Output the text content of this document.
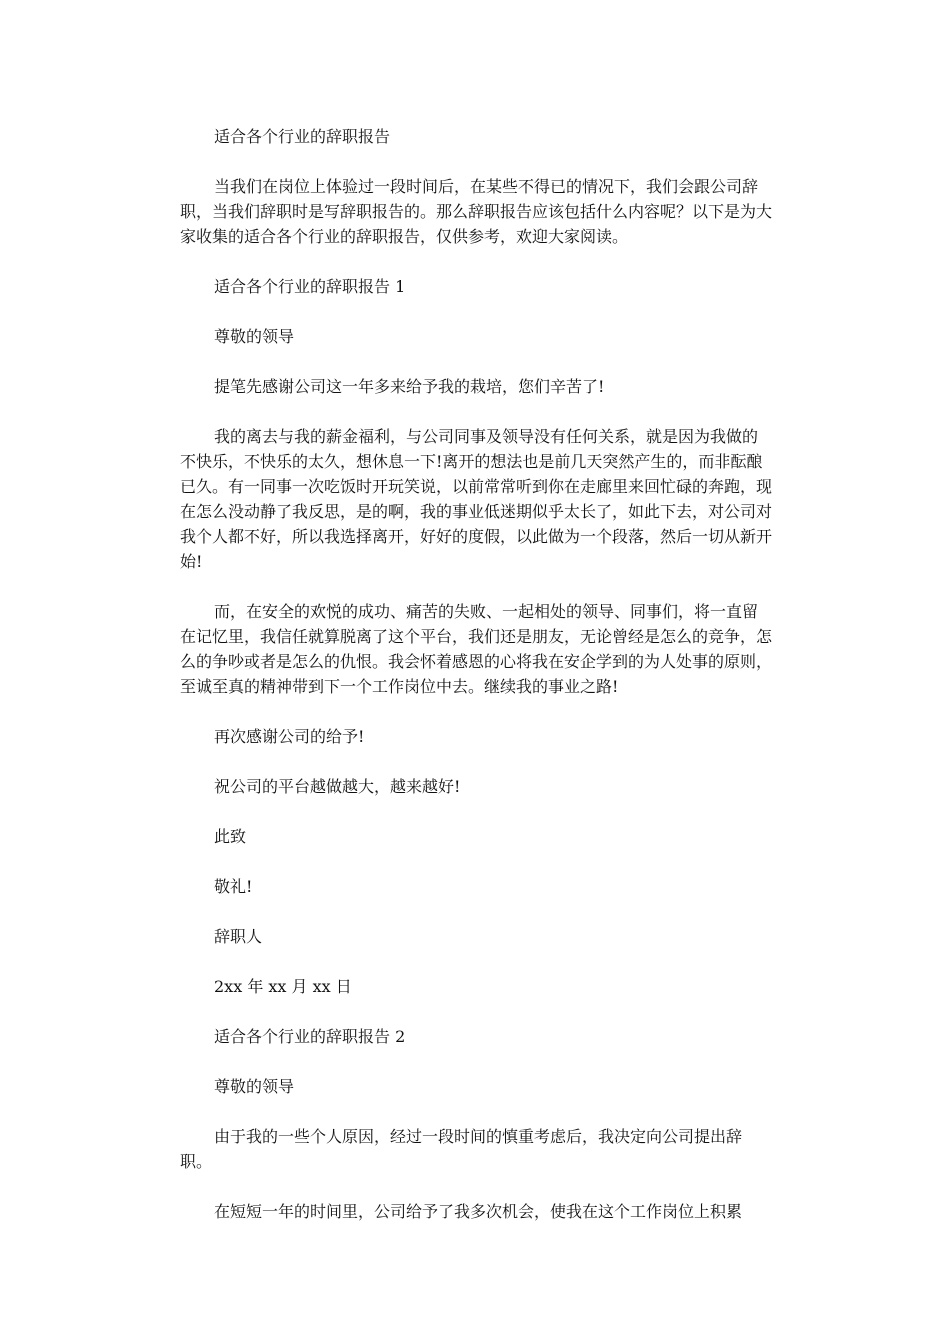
适合各个行业的辞职报告

当我们在岗位上体验过一段时间后，在某些不得已的情况下，我们会跟公司辞职，当我们辞职时是写辞职报告的。那么辞职报告应该包括什么内容呢？以下是为大家收集的适合各个行业的辞职报告，仅供参考，欢迎大家阅读。

适合各个行业的辞职报告 1

尊敬的领导

提笔先感谢公司这一年多来给予我的栽培，您们辛苦了!

我的离去与我的薪金福利，与公司同事及领导没有任何关系，就是因为我做的不快乐，不快乐的太久，想休息一下!离开的想法也是前几天突然产生的，而非酝酿已久。有一同事一次吃饭时开玩笑说，以前常常听到你在走廊里来回忙碌的奔跑，现在怎么没动静了我反思，是的啊，我的事业低迷期似乎太长了，如此下去，对公司对我个人都不好，所以我选择离开，好好的度假，以此做为一个段落，然后一切从新开始!

而，在安全的欢悦的成功、痛苦的失败、一起相处的领导、同事们，将一直留在记忆里，我信任就算脱离了这个平台，我们还是朋友，无论曾经是怎么的竞争，怎么的争吵或者是怎么的仇恨。我会怀着感恩的心将我在安企学到的为人处事的原则，至诚至真的精神带到下一个工作岗位中去。继续我的事业之路!

再次感谢公司的给予!

祝公司的平台越做越大，越来越好!

此致

敬礼!

辞职人

2xx 年 xx 月 xx 日

适合各个行业的辞职报告 2

尊敬的领导

由于我的一些个人原因，经过一段时间的慎重考虑后，我决定向公司提出辞职。

在短短一年的时间里，公司给予了我多次机会，使我在这个工作岗位上积累
